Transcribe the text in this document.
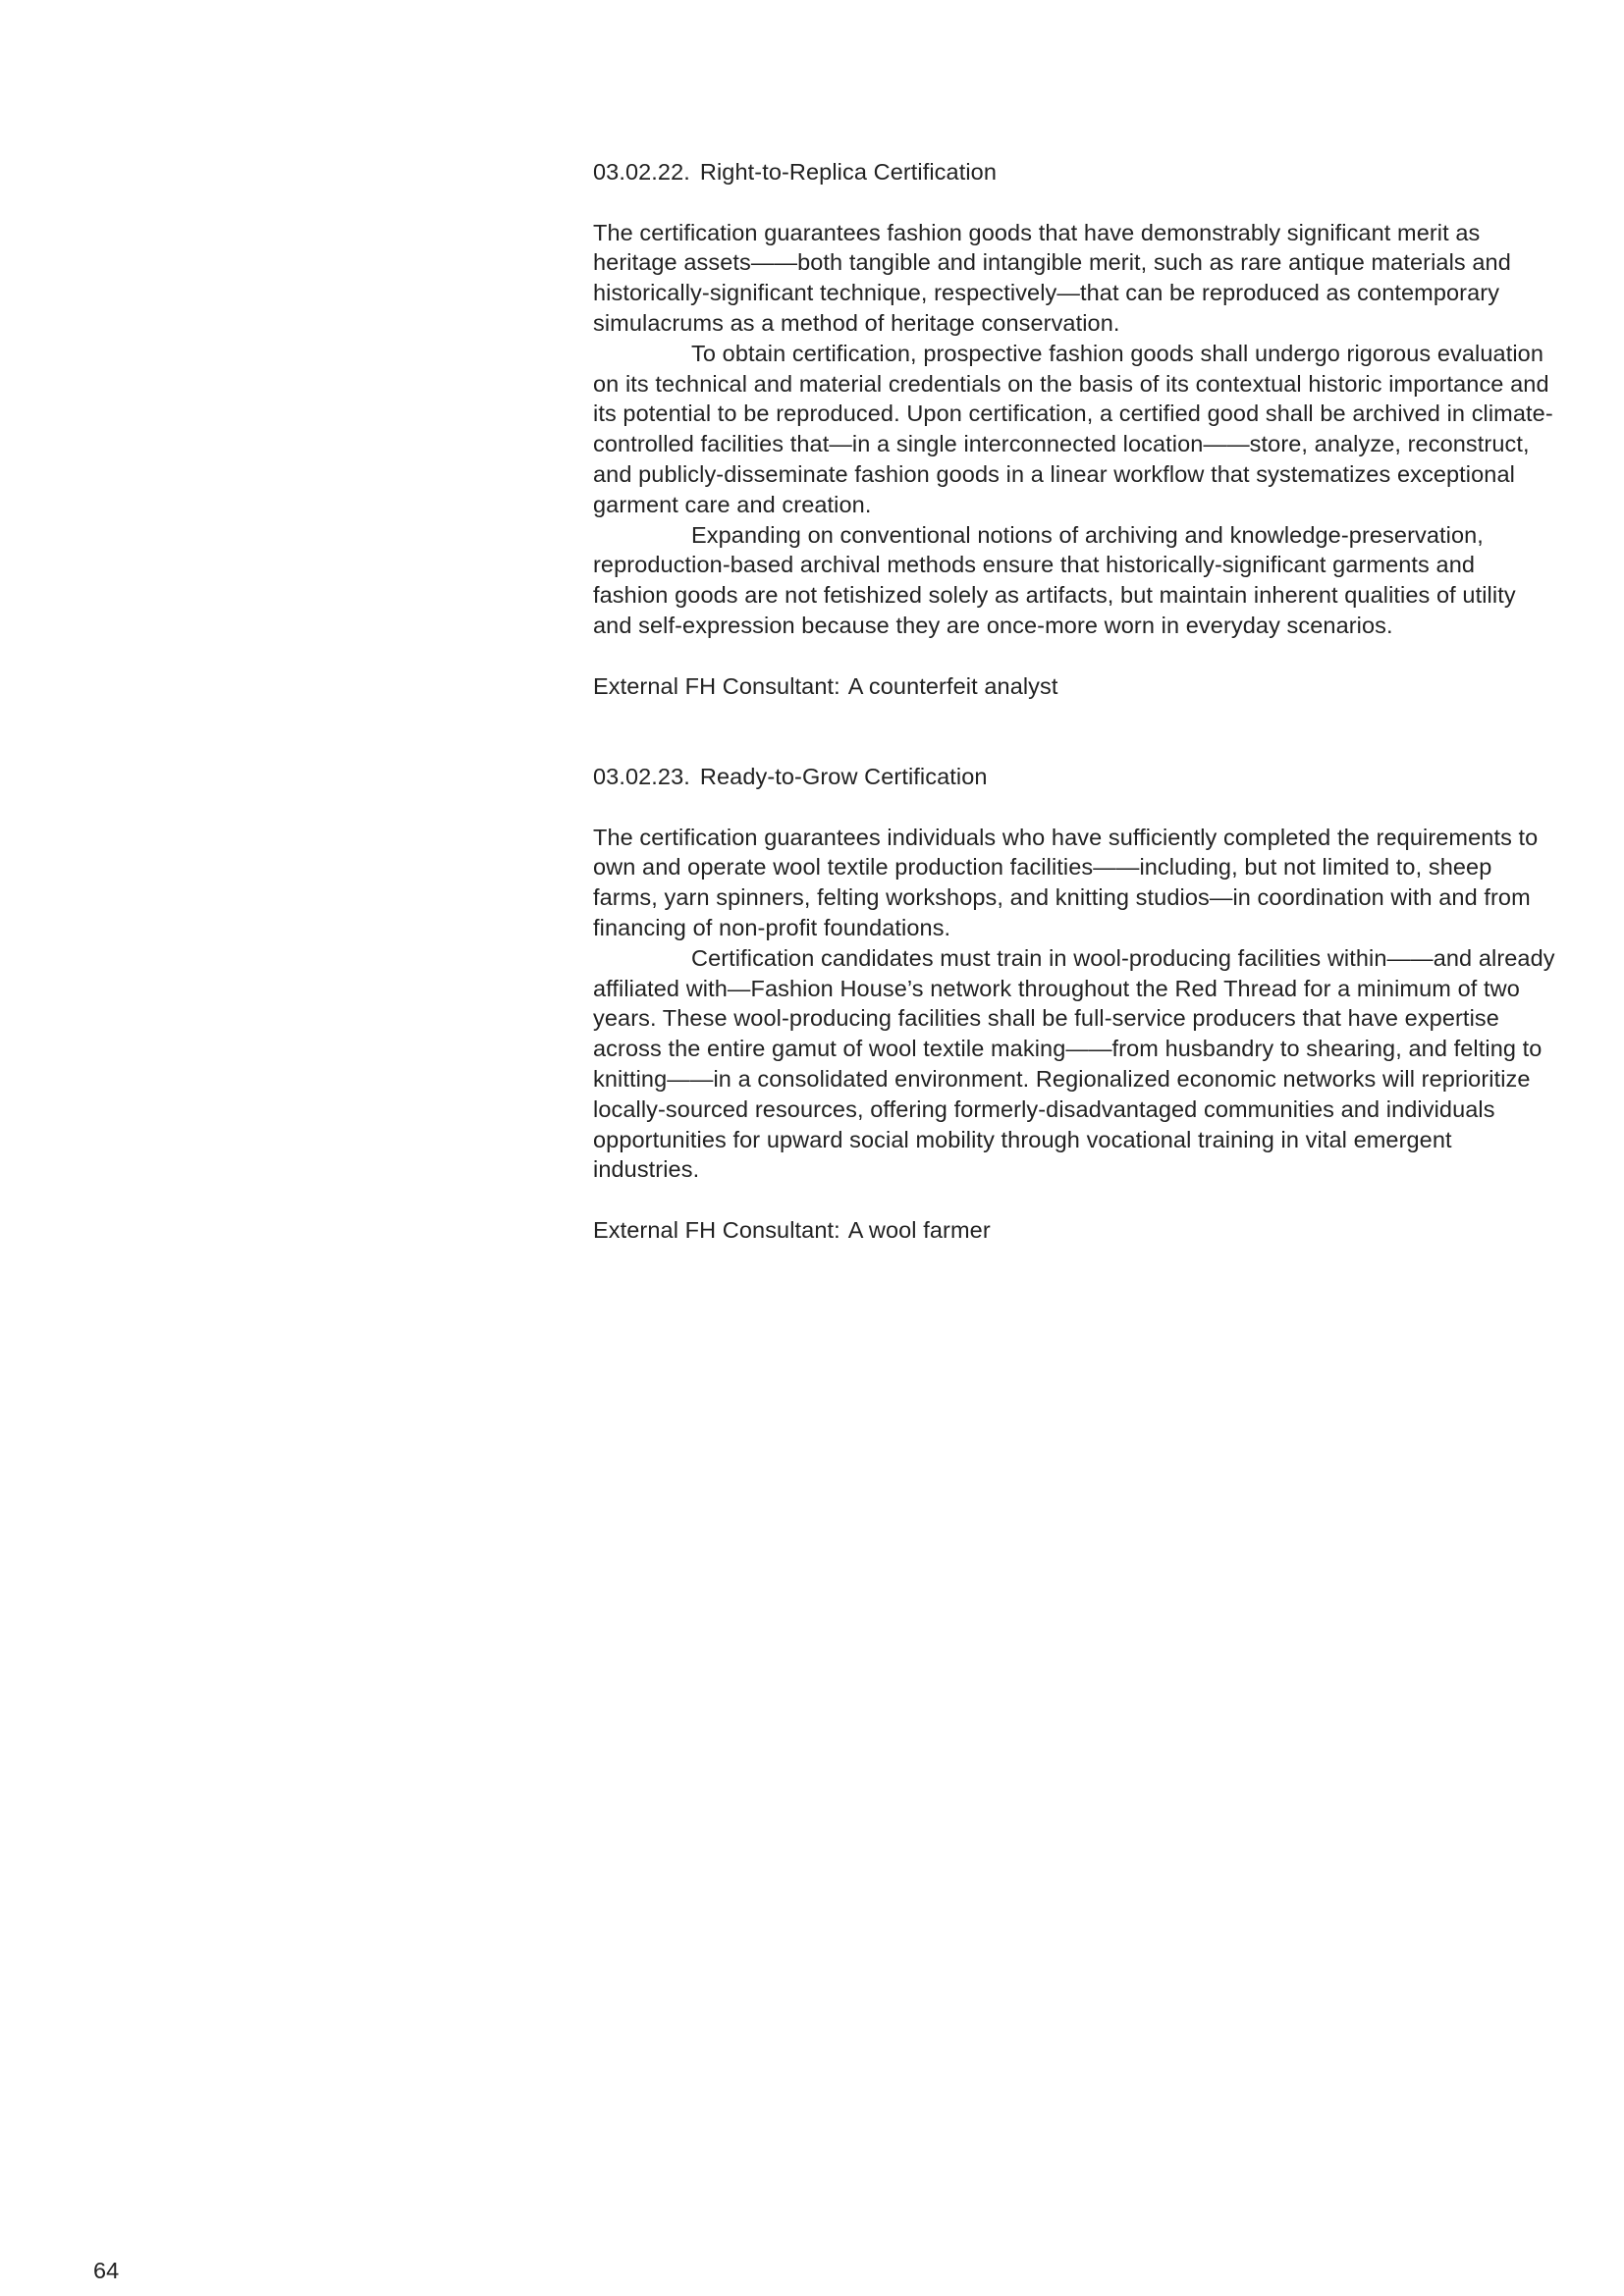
03.02.22. Right-to-Replica Certification

The certification guarantees fashion goods that have demonstrably significant merit as heritage assets——both tangible and intangible merit, such as rare antique materials and historically-significant technique, respectively—that can be reproduced as contemporary simulacrums as a method of heritage conservation.

To obtain certification, prospective fashion goods shall undergo rigorous evaluation on its technical and material credentials on the basis of its contextual historic importance and its potential to be reproduced. Upon certification, a certified good shall be archived in climate-controlled facilities that—in a single interconnected location——store, analyze, reconstruct, and publicly-disseminate fashion goods in a linear workflow that systematizes exceptional garment care and creation.

Expanding on conventional notions of archiving and knowledge-preservation, reproduction-based archival methods ensure that historically-significant garments and fashion goods are not fetishized solely as artifacts, but maintain inherent qualities of utility and self-expression because they are once-more worn in everyday scenarios.

External FH Consultant: A counterfeit analyst

03.02.23. Ready-to-Grow Certification

The certification guarantees individuals who have sufficiently completed the requirements to own and operate wool textile production facilities——including, but not limited to, sheep farms, yarn spinners, felting workshops, and knitting studios—in coordination with and from financing of non-profit foundations.

Certification candidates must train in wool-producing facilities within——and already affiliated with—Fashion House’s network throughout the Red Thread for a minimum of two years. These wool-producing facilities shall be full-service producers that have expertise across the entire gamut of wool textile making——from husbandry to shearing, and felting to knitting——in a consolidated environment. Regionalized economic networks will reprioritize locally-sourced resources, offering formerly-disadvantaged communities and individuals opportunities for upward social mobility through vocational training in vital emergent industries.

External FH Consultant: A wool farmer

64
